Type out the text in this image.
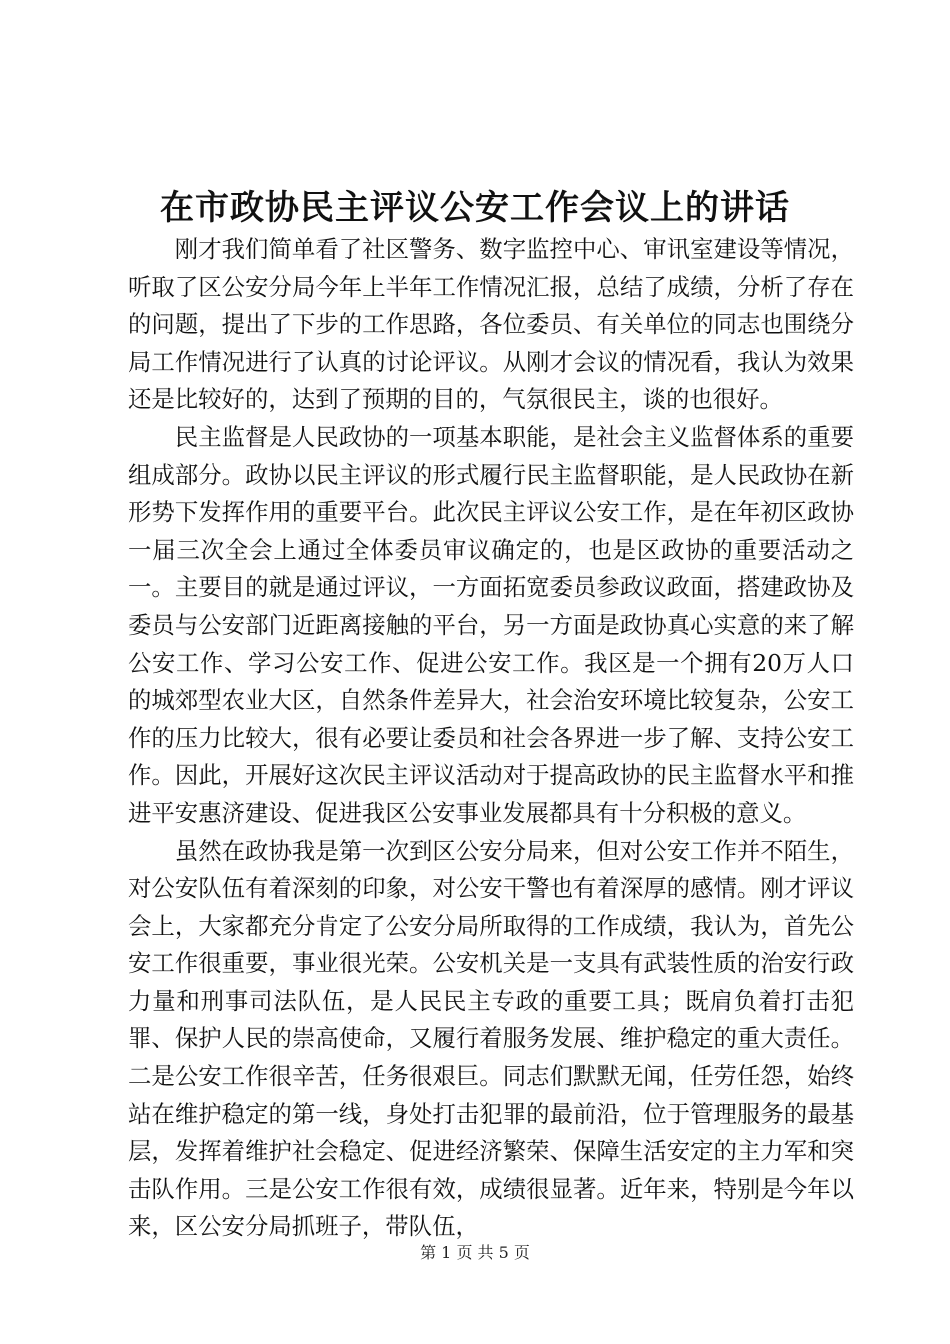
在市政协民主评议公安工作会议上的讲话

刚才我们简单看了社区警务、数字监控中心、审讯室建设等情况，听取了区公安分局今年上半年工作情况汇报，总结了成绩，分析了存在的问题，提出了下步的工作思路，各位委员、有关单位的同志也围绕分局工作情况进行了认真的讨论评议。从刚才会议的情况看，我认为效果还是比较好的，达到了预期的目的，气氛很民主，谈的也很好。

民主监督是人民政协的一项基本职能，是社会主义监督体系的重要组成部分。政协以民主评议的形式履行民主监督职能，是人民政协在新形势下发挥作用的重要平台。此次民主评议公安工作，是在年初区政协一届三次全会上通过全体委员审议确定的，也是区政协的重要活动之一。主要目的就是通过评议，一方面拓宽委员参政议政面，搭建政协及委员与公安部门近距离接触的平台，另一方面是政协真心实意的来了解公安工作、学习公安工作、促进公安工作。我区是一个拥有20万人口的城郊型农业大区，自然条件差异大，社会治安环境比较复杂，公安工作的压力比较大，很有必要让委员和社会各界进一步了解、支持公安工作。因此，开展好这次民主评议活动对于提高政协的民主监督水平和推进平安惠济建设、促进我区公安事业发展都具有十分积极的意义。

虽然在政协我是第一次到区公安分局来，但对公安工作并不陌生，对公安队伍有着深刻的印象，对公安干警也有着深厚的感情。刚才评议会上，大家都充分肯定了公安分局所取得的工作成绩，我认为，首先公安工作很重要，事业很光荣。公安机关是一支具有武装性质的治安行政力量和刑事司法队伍，是人民民主专政的重要工具；既肩负着打击犯罪、保护人民的崇高使命，又履行着服务发展、维护稳定的重大责任。二是公安工作很辛苦，任务很艰巨。同志们默默无闻，任劳任怨，始终站在维护稳定的第一线，身处打击犯罪的最前沿，位于管理服务的最基层，发挥着维护社会稳定、促进经济繁荣、保障生活安定的主力军和突击队作用。三是公安工作很有效，成绩很显著。近年来，特别是今年以来，区公安分局抓班子，带队伍，

第 1 页 共 5 页
